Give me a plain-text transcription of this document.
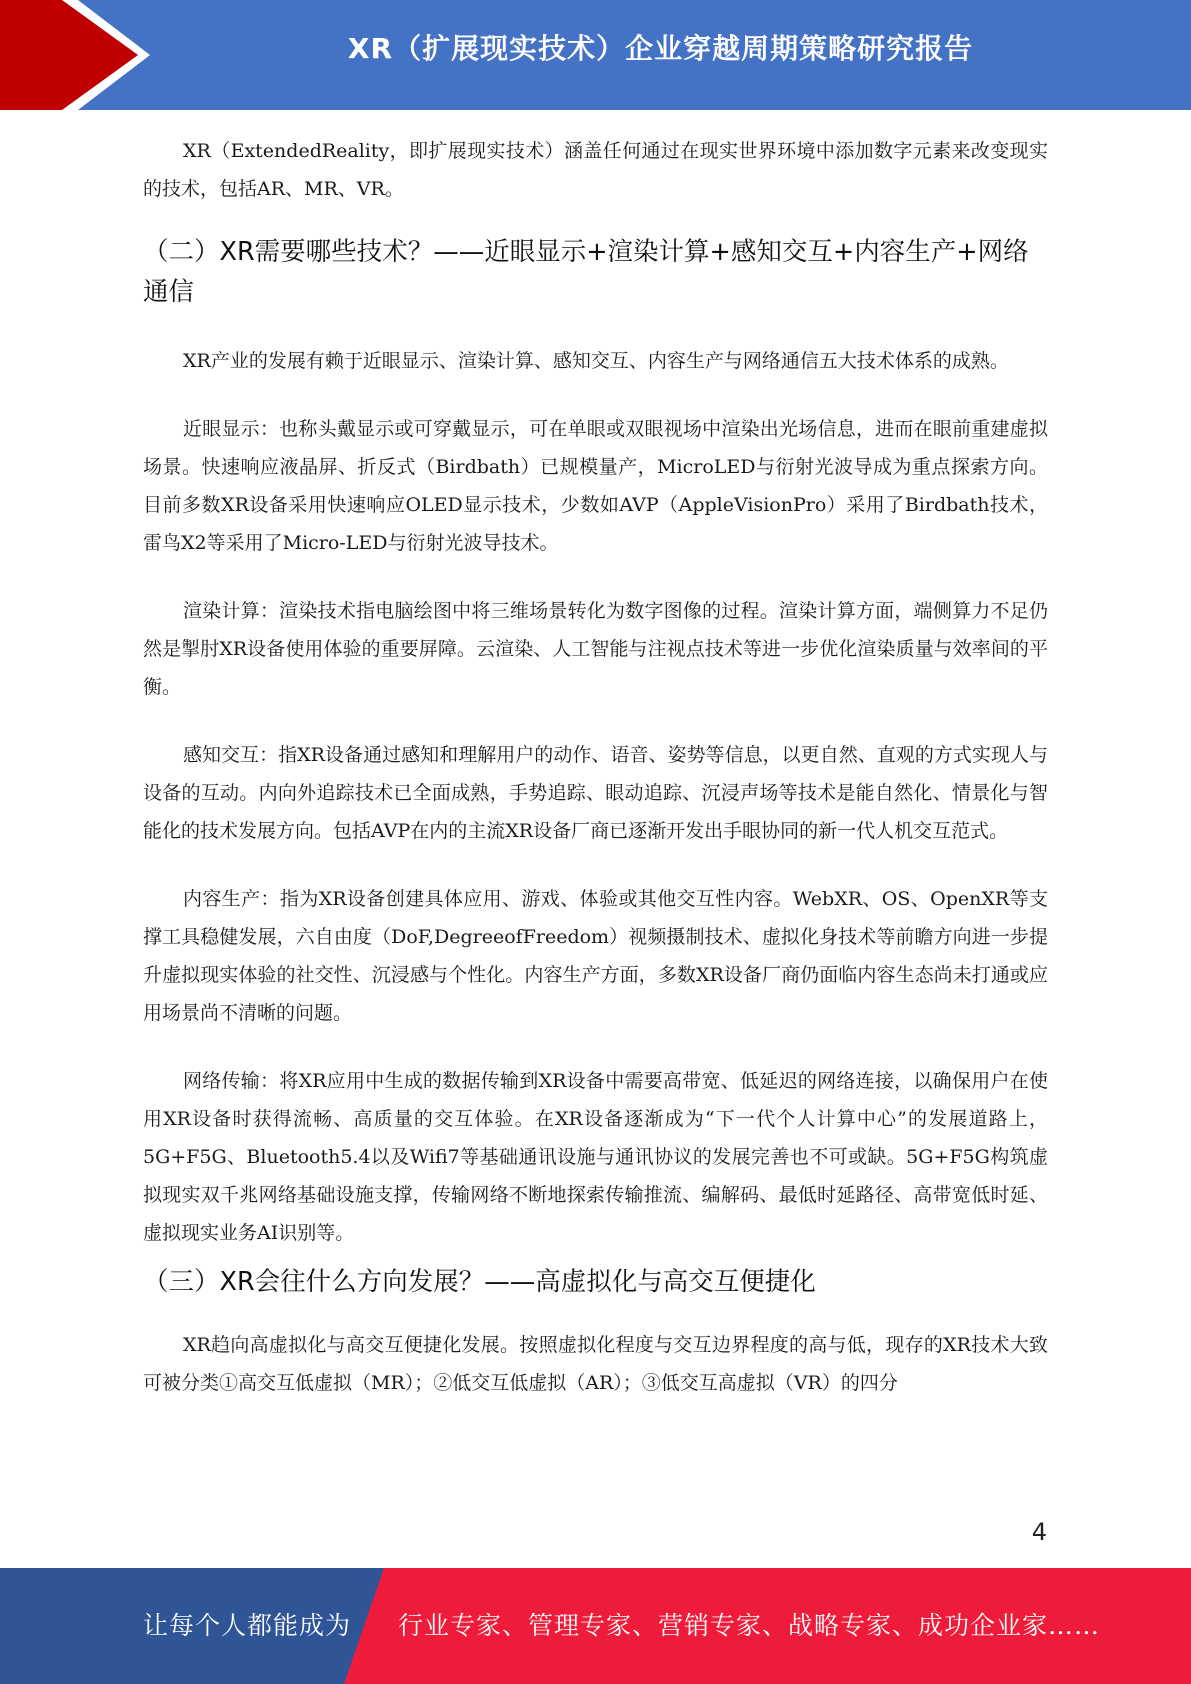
XR（扩展现实技术）企业穿越周期策略研究报告

XR（ExtendedReality，即扩展现实技术）涵盖任何通过在现实世界环境中添加数字元素来改变现实的技术，包括AR、MR、VR。

（二）XR需要哪些技术？——近眼显示+渲染计算+感知交互+内容生产+网络通信

XR产业的发展有赖于近眼显示、渲染计算、感知交互、内容生产与网络通信五大技术体系的成熟。

近眼显示：也称头戴显示或可穿戴显示，可在单眼或双眼视场中渲染出光场信息，进而在眼前重建虚拟场景。快速响应液晶屏、折反式（Birdbath）已规模量产，MicroLED与衍射光波导成为重点探索方向。目前多数XR设备采用快速响应OLED显示技术，少数如AVP（AppleVisionPro）采用了Birdbath技术，雷鸟X2等采用了Micro-LED与衍射光波导技术。

渲染计算：渲染技术指电脑绘图中将三维场景转化为数字图像的过程。渲染计算方面，端侧算力不足仍然是掣肘XR设备使用体验的重要屏障。云渲染、人工智能与注视点技术等进一步优化渲染质量与效率间的平衡。

感知交互：指XR设备通过感知和理解用户的动作、语音、姿势等信息，以更自然、直观的方式实现人与设备的互动。内向外追踪技术已全面成熟，手势追踪、眼动追踪、沉浸声场等技术是能自然化、情景化与智能化的技术发展方向。包括AVP在内的主流XR设备厂商已逐渐开发出手眼协同的新一代人机交互范式。

内容生产：指为XR设备创建具体应用、游戏、体验或其他交互性内容。WebXR、OS、OpenXR等支撑工具稳健发展，六自由度（DoF,DegreeofFreedom）视频摄制技术、虚拟化身技术等前瞻方向进一步提升虚拟现实体验的社交性、沉浸感与个性化。内容生产方面，多数XR设备厂商仍面临内容生态尚未打通或应用场景尚不清晰的问题。

网络传输：将XR应用中生成的数据传输到XR设备中需要高带宽、低延迟的网络连接，以确保用户在使用XR设备时获得流畅、高质量的交互体验。在XR设备逐渐成为“下一代个人计算中心”的发展道路上，5G+F5G、Bluetooth5.4以及Wifi7等基础通讯设施与通讯协议的发展完善也不可或缺。5G+F5G构筑虚拟现实双千兆网络基础设施支撑，传输网络不断地探索传输推流、编解码、最低时延路径、高带宽低时延、虚拟现实业务AI识别等。

（三）XR会往什么方向发展？——高虚拟化与高交互便捷化

XR趋向高虚拟化与高交互便捷化发展。按照虚拟化程度与交互边界程度的高与低，现存的XR技术大致可被分类①高交互低虚拟（MR）；②低交互低虚拟（AR）；③低交互高虚拟（VR）的四分

4
让每个人都能成为 行业专家、管理专家、营销专家、战略专家、成功企业家……
